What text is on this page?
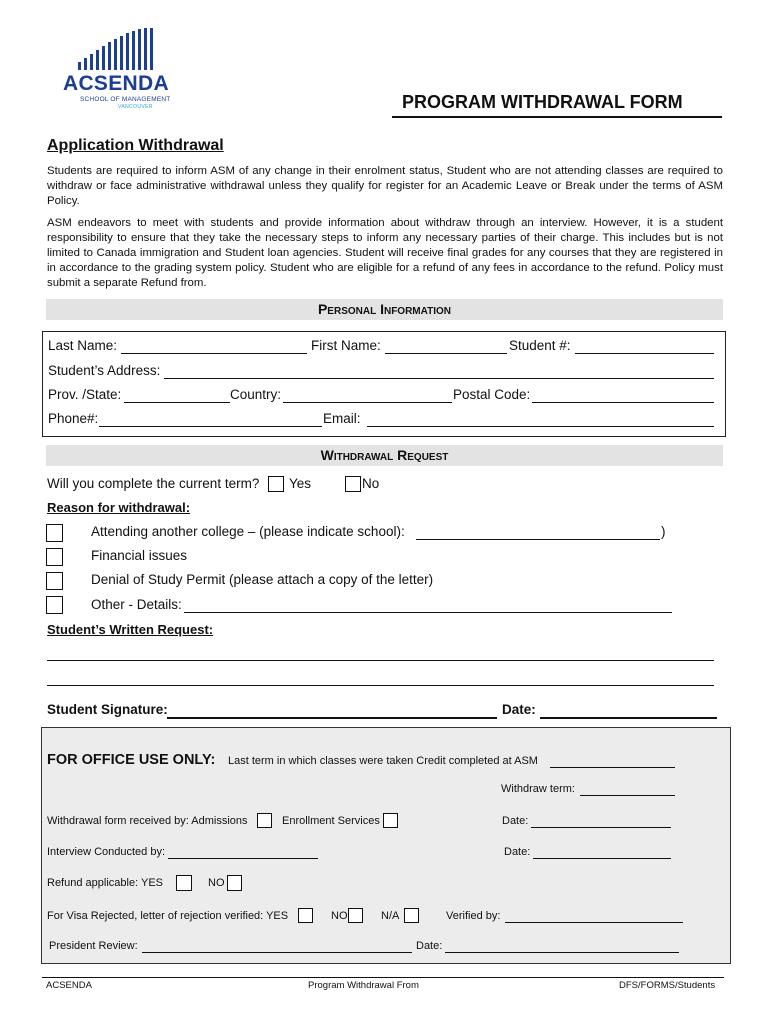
ACSENDA
SCHOOL OF MANAGEMENT
VANCOUVER	PROGRAM WITHDRAWAL FORM
Application Withdrawal
Students are required to inform ASM of any change in their enrolment status, Student who are not attending classes are required to withdraw or face administrative withdrawal unless they qualify for register for an Academic Leave or Break under the terms of ASM Policy.
ASM endeavors to meet with students and provide information about withdraw through an interview. However, it is a student responsibility to ensure that they take the necessary steps to inform any necessary parties of their charge. This includes but is not limited to Canada immigration and Student loan agencies. Student will receive final grades for any courses that they are registered in in accordance to the grading system policy. Student who are eligible for a refund of any fees in accordance to the refund. Policy must submit a separate Refund from.
Personal Information
Last Name:	First Name:	Student #:
Student’s Address:
Prov. /State:	Country:	Postal Code:
Phone#:	Email:
Withdrawal Request
Will you complete the current term? Yes	No
Reason for withdrawal:
Attending another college – (please indicate school):	)
Financial issues
Denial of Study Permit (please attach a copy of the letter)
Other - Details:
Student’s Written Request:
Student Signature:	Date:
FOR OFFICE USE ONLY: Last term in which classes were taken Credit completed at ASM
Withdraw term:
Withdrawal form received by: Admissions	Enrollment Services	Date:
Interview Conducted by:	Date:
Refund applicable: YES	NO
For Visa Rejected, letter of rejection verified: YES	NO	N/A	Verified by:
President Review:	Date:
ACSENDA	Program Withdrawal From	DFS/FORMS/Students
